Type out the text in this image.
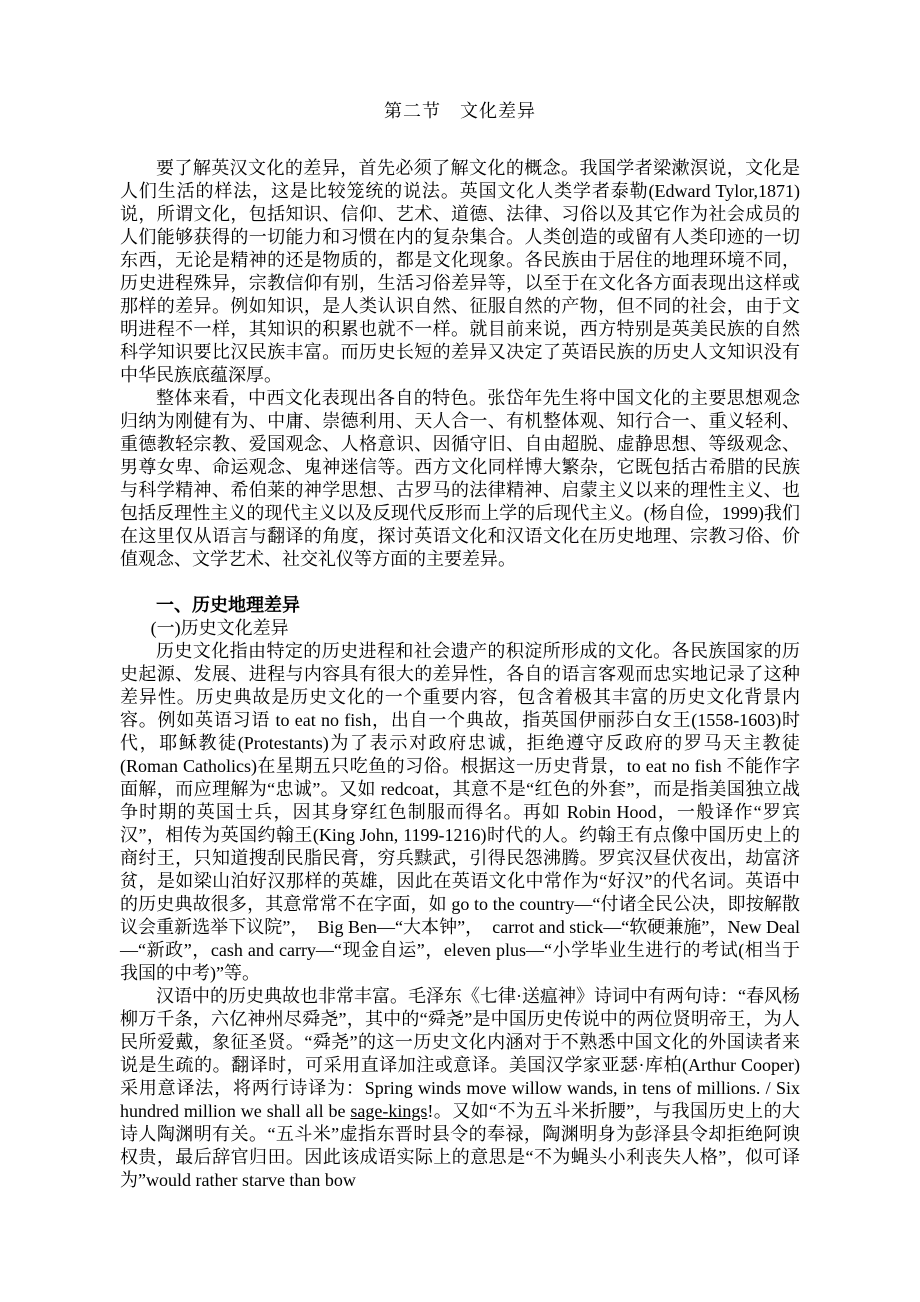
第二节　文化差异

要了解英汉文化的差异，首先必须了解文化的概念。我国学者梁漱溟说，文化是人们生活的样法，这是比较笼统的说法。英国文化人类学者泰勒(Edward Tylor,1871)说，所谓文化，包括知识、信仰、艺术、道德、法律、习俗以及其它作为社会成员的人们能够获得的一切能力和习惯在内的复杂集合。人类创造的或留有人类印迹的一切东西，无论是精神的还是物质的，都是文化现象。各民族由于居住的地理环境不同，历史进程殊异，宗教信仰有别，生活习俗差异等，以至于在文化各方面表现出这样或那样的差异。例如知识，是人类认识自然、征服自然的产物，但不同的社会，由于文明进程不一样，其知识的积累也就不一样。就目前来说，西方特别是英美民族的自然科学知识要比汉民族丰富。而历史长短的差异又决定了英语民族的历史人文知识没有中华民族底蕴深厚。

整体来看，中西文化表现出各自的特色。张岱年先生将中国文化的主要思想观念归纳为刚健有为、中庸、崇德利用、天人合一、有机整体观、知行合一、重义轻利、重德教轻宗教、爱国观念、人格意识、因循守旧、自由超脱、虚静思想、等级观念、男尊女卑、命运观念、鬼神迷信等。西方文化同样博大繁杂，它既包括古希腊的民族与科学精神、希伯莱的神学思想、古罗马的法律精神、启蒙主义以来的理性主义、也包括反理性主义的现代主义以及反现代反形而上学的后现代主义。(杨自俭，1999)我们在这里仅从语言与翻译的角度，探讨英语文化和汉语文化在历史地理、宗教习俗、价值观念、文学艺术、社交礼仪等方面的主要差异。

一、历史地理差异

(一)历史文化差异

历史文化指由特定的历史进程和社会遗产的积淀所形成的文化。各民族国家的历史起源、发展、进程与内容具有很大的差异性，各自的语言客观而忠实地记录了这种差异性。历史典故是历史文化的一个重要内容，包含着极其丰富的历史文化背景内容。例如英语习语 to eat no fish，出自一个典故，指英国伊丽莎白女王(1558-1603)时代，耶稣教徒(Protestants)为了表示对政府忠诚，拒绝遵守反政府的罗马天主教徒(Roman Catholics)在星期五只吃鱼的习俗。根据这一历史背景，to eat no fish 不能作字面解，而应理解为“忠诚”。又如 redcoat，其意不是“红色的外套”，而是指美国独立战争时期的英国士兵，因其身穿红色制服而得名。再如 Robin Hood，一般译作“罗宾汉”，相传为英国约翰王(King John, 1199-1216)时代的人。约翰王有点像中国历史上的商纣王，只知道搜刮民脂民膏，穷兵黩武，引得民怨沸腾。罗宾汉昼伏夜出，劫富济贫，是如梁山泊好汉那样的英雄，因此在英语文化中常作为“好汉”的代名词。英语中的历史典故很多，其意常常不在字面，如 go to the country—“付诸全民公决，即按解散议会重新选举下议院”，　Big Ben—“大本钟”，　carrot and stick—“软硬兼施”，New Deal—“新政”，cash and carry—“现金自运”，eleven plus—“小学毕业生进行的考试(相当于我国的中考)”等。

汉语中的历史典故也非常丰富。毛泽东《七律·送瘟神》诗词中有两句诗：“春风杨柳万千条，六亿神州尽舜尧”，其中的“舜尧”是中国历史传说中的两位贤明帝王，为人民所爱戴，象征圣贤。“舜尧”的这一历史文化内涵对于不熟悉中国文化的外国读者来说是生疏的。翻译时，可采用直译加注或意译。美国汉学家亚瑟·库柏(Arthur Cooper)采用意译法，将两行诗译为：Spring winds move willow wands, in tens of millions. / Six hundred million we shall all be sage-kings!。又如“不为五斗米折腰”，与我国历史上的大诗人陶渊明有关。“五斗米”虚指东晋时县令的奉禄，陶渊明身为彭泽县令却拒绝阿谀权贵，最后辞官归田。因此该成语实际上的意思是“不为蝇头小利丧失人格”，似可译为”would rather starve than bow
